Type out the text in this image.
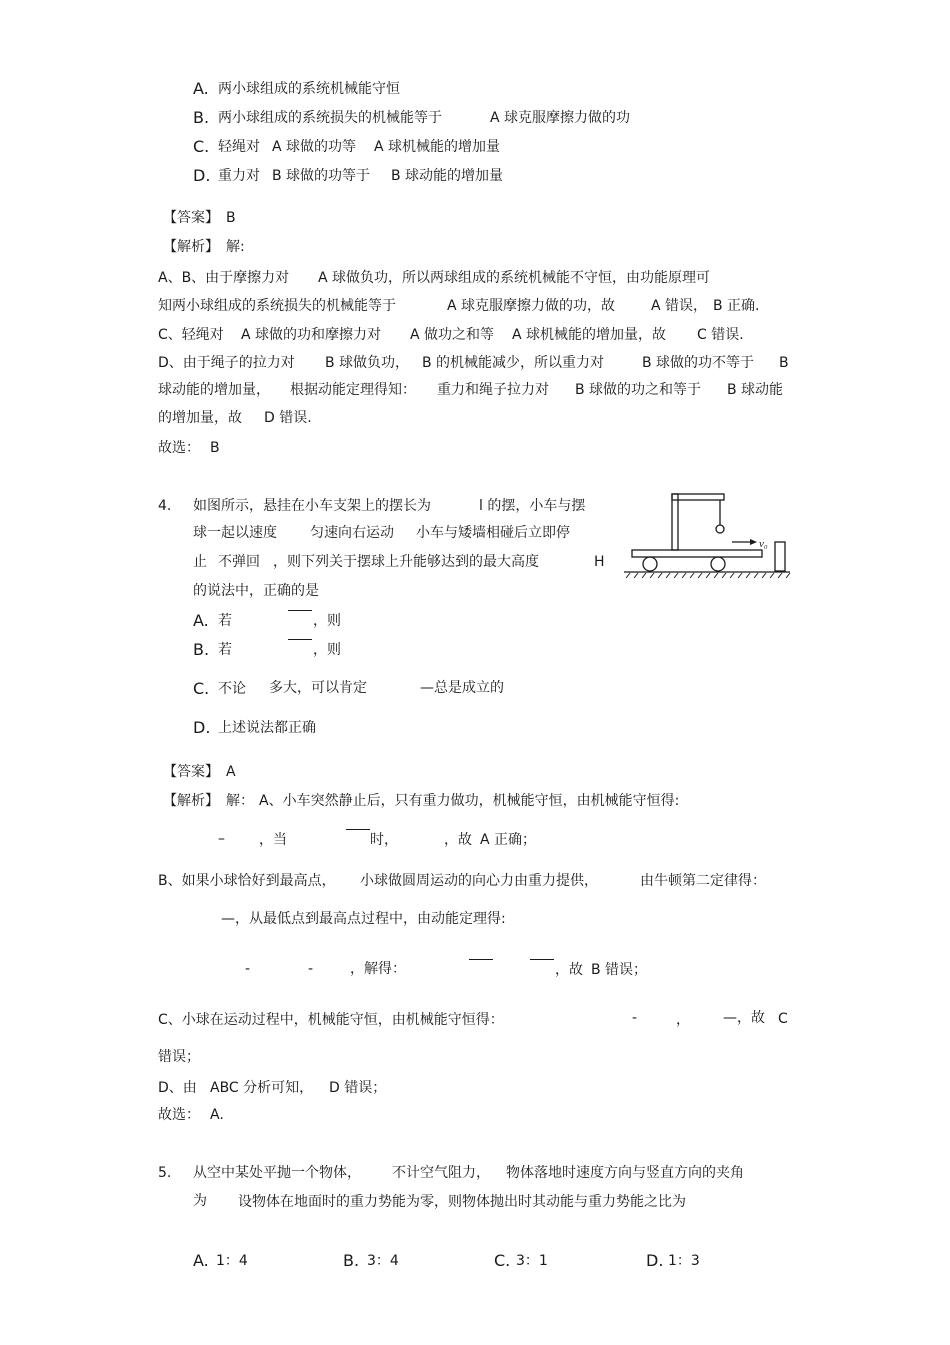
A. 两小球组成的系统机械能守恒
B. 两小球组成的系统损失的机械能等于	A 球克服摩擦力做的功
C. 轻绳对 A 球做的功等 A 球机械能的增加量
D. 重力对 B 球做的功等于 B 球动能的增加量
【答案】 B
【解析】 解:
A、B、由于摩擦力对 A 球做负功，所以两球组成的系统机械能不守恒，由功能原理可
知两小球组成的系统损失的机械能等于	A 球克服摩擦力做的功，故	A 错误， B 正确.
C、轻绳对 A 球做的功和摩擦力对 A 做功之和等 A 球机械能的增加量，故 C 错误.
D、由于绳子的拉力对 B 球做负功， B 的机械能减少，所以重力对	B 球做的功不等于 B
球动能的增加量， 根据动能定理得知： 重力和绳子拉力对 B 球做的功之和等于 B 球动能
的增加量，故 D 错误.
故选： B
4. 如图所示，悬挂在小车支架上的摆长为	l 的摆，小车与摆
球一起以速度 匀速向右运动 小车与矮墙相碰后立即停
止 不弹回 ，则下列关于摆球上升能够达到的最大高度	H
的说法中，正确的是
v₀
A. 若	，则
B. 若	，则
C. 不论 多大，可以肯定	—总是成立的
D. 上述说法都正确
【答案】 A
【解析】 解： A、小车突然静止后，只有重力做功，机械能守恒，由机械能守恒得:
– ，当	时，	，故 A 正确；
B、如果小球恰好到最高点， 小球做圆周运动的向心力由重力提供，	由牛顿第二定律得：
—，从最低点到最高点过程中，由动能定理得:
-	-	，解得：	，故 B 错误；
C、小球在运动过程中，机械能守恒，由机械能守恒得：	-	， —，故 C
错误；
D、由 ABC 分析可知， D 错误；
故选： A.
5. 从空中某处平抛一个物体， 不计空气阻力， 物体落地时速度方向与竖直方向的夹角
为 设物体在地面时的重力势能为零，则物体抛出时其动能与重力势能之比为
A. 1：4	B. 3：4	C. 3：1	D. 1：3
